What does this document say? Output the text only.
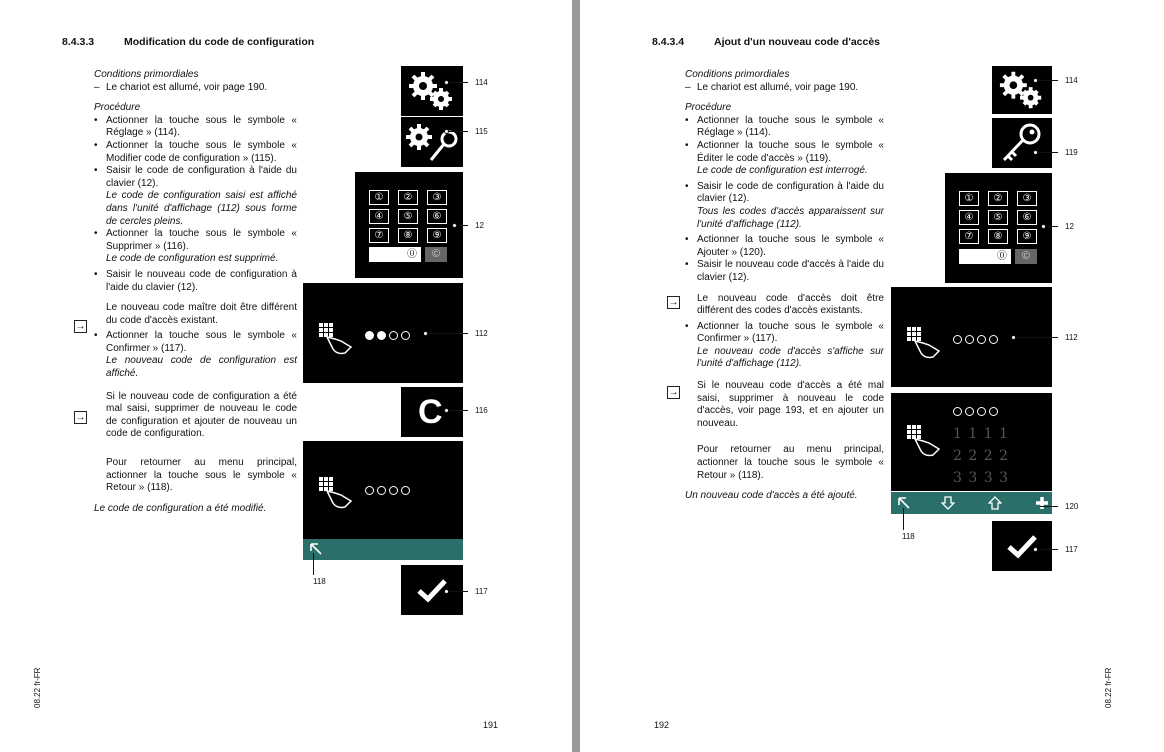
8.4.3.3	Modification du code de configuration
Conditions primordiales
– Le chariot est allumé, voir page 190.
Procédure
• Actionner la touche sous le symbole « Réglage » (114).
• Actionner la touche sous le symbole « Modifier code de configuration » (115).
• Saisir le code de configuration à l'aide du clavier (12).
Le code de configuration saisi est affiché dans l'unité d'affichage (112) sous forme de cercles pleins.
• Actionner la touche sous le symbole « Supprimer » (116).
Le code de configuration est supprimé.
• Saisir le nouveau code de configuration à l'aide du clavier (12).
Le nouveau code maître doit être différent du code d'accès existant.
• Actionner la touche sous le symbole « Confirmer » (117).
Le nouveau code de configuration est affiché.
Si le nouveau code de configuration a été mal saisi, supprimer de nouveau le code de configuration et ajouter de nouveau un code de configuration.
Pour retourner au menu principal, actionner la touche sous le symbole « Retour » (118).
Le code de configuration a été modifié.
→
→
114
115
①	②	③
④	⑤	⑥
⑦	⑧	⑨
⓪	©
12
112
C	116
118
117
08.22 fr-FR
191
8.4.3.4	Ajout d'un nouveau code d'accès
Conditions primordiales
– Le chariot est allumé, voir page 190.
Procédure
• Actionner la touche sous le symbole « Réglage » (114).
• Actionner la touche sous le symbole « Éditer le code d'accès » (119).
Le code de configuration est interrogé.
• Saisir le code de configuration à l'aide du clavier (12).
Tous les codes d'accès apparaissent sur l'unité d'affichage (112).
• Actionner la touche sous le symbole « Ajouter » (120).
• Saisir le nouveau code d'accès à l'aide du clavier (12).
Le nouveau code d'accès doit être différent des codes d'accès existants.
• Actionner la touche sous le symbole « Confirmer » (117).
Le nouveau code d'accès s'affiche sur l'unité d'affichage (112).
Si le nouveau code d'accès a été mal saisi, supprimer à nouveau le code d'accès, voir page 193, et en ajouter un nouveau.
Pour retourner au menu principal, actionner la touche sous le symbole « Retour » (118).
Un nouveau code d'accès a été ajouté.
→
→
114
119
①	②	③
④	⑤	⑥
⑦	⑧	⑨
⓪	©
12
112
1 1 1 1
2 2 2 2
3 3 3 3
120
118
117
192
08.22 fr-FR
